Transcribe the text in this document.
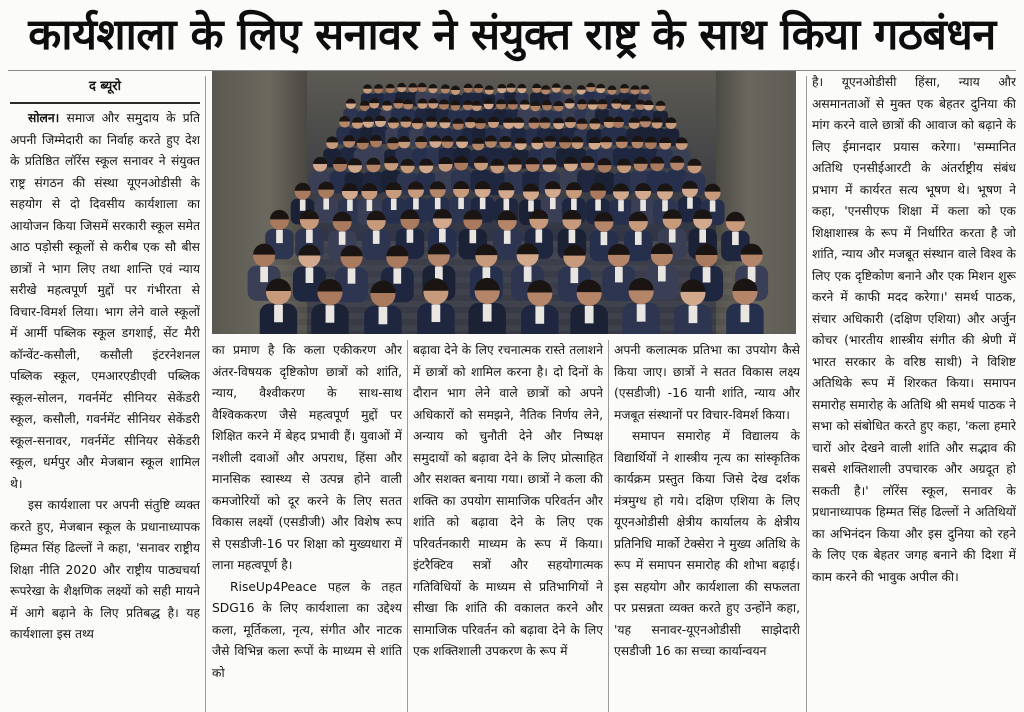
कार्यशाला के लिए सनावर ने संयुक्त राष्ट्र के साथ किया गठबंधन
द ब्यूरो

सोलन। समाज और समुदाय के प्रति अपनी जिम्मेदारी का निर्वाह करते हुए देश के प्रतिष्ठित लॉरेंस स्कूल सनावर ने संयुक्त राष्ट्र संगठन की संस्था यूएनओडीसी के सहयोग से दो दिवसीय कार्यशाला का आयोजन किया जिसमें सरकारी स्कूल समेत आठ पड़ोसी स्कूलों से करीब एक सौ बीस छात्रों ने भाग लिए तथा शान्ति एवं न्याय सरीखे महत्वपूर्ण मुद्दों पर गंभीरता से विचार-विमर्श लिया। भाग लेने वाले स्कूलों में आर्मी पब्लिक स्कूल डगशाई, सेंट मैरी कॉन्वेंट-कसौली, कसौली इंटरनेशनल पब्लिक स्कूल, एमआरएडीएवी पब्लिक स्कूल-सोलन, गवर्नमेंट सीनियर सेकेंडरी स्कूल, कसौली, गवर्नमेंट सीनियर सेकेंडरी स्कूल-सनावर, गवर्नमेंट सीनियर सेकेंडरी स्कूल, धर्मपुर और मेजबान स्कूल शामिल थे।

इस कार्यशाला पर अपनी संतुष्टि व्यक्त करते हुए, मेजबान स्कूल के प्रधानाध्यापक हिम्मत सिंह ढिल्लों ने कहा, 'सनावर राष्ट्रीय शिक्षा नीति 2020 और राष्ट्रीय पाठ्यचर्या रूपरेखा के शैक्षणिक लक्ष्यों को सही मायने में आगे बढ़ाने के लिए प्रतिबद्ध है। यह कार्यशाला इस तथ्य

का प्रमाण है कि कला एकीकरण और अंतर-विषयक दृष्टिकोण छात्रों को शांति, न्याय, वैश्वीकरण के साथ-साथ वैश्विककरण जैसे महत्वपूर्ण मुद्दों पर शिक्षित करने में बेहद प्रभावी हैं। युवाओं में नशीली दवाओं और अपराध, हिंसा और मानसिक स्वास्थ्य से उत्पन्न होने वाली कमजोरियों को दूर करने के लिए सतत विकास लक्ष्यों (एसडीजी) और विशेष रूप से एसडीजी-16 पर शिक्षा को मुख्यधारा में लाना महत्वपूर्ण है।

RiseUp4Peace पहल के तहत SDG16 के लिए कार्यशाला का उद्देश्य कला, मूर्तिकला, नृत्य, संगीत और नाटक जैसे विभिन्न कला रूपों के माध्यम से शांति को

बढ़ावा देने के लिए रचनात्मक रास्ते तलाशने में छात्रों को शामिल करना है। दो दिनों के दौरान भाग लेने वाले छात्रों को अपने अधिकारों को समझने, नैतिक निर्णय लेने, अन्याय को चुनौती देने और निष्पक्ष समुदायों को बढ़ावा देने के लिए प्रोत्साहित और सशक्त बनाया गया। छात्रों ने कला की शक्ति का उपयोग सामाजिक परिवर्तन और शांति को बढ़ावा देने के लिए एक परिवर्तनकारी माध्यम के रूप में किया। इंटरैक्टिव सत्रों और सहयोगात्मक गतिविधियों के माध्यम से प्रतिभागियों ने सीखा कि शांति की वकालत करने और सामाजिक परिवर्तन को बढ़ावा देने के लिए एक शक्तिशाली उपकरण के रूप में

अपनी कलात्मक प्रतिभा का उपयोग कैसे किया जाए। छात्रों ने सतत विकास लक्ष्य (एसडीजी) -16 यानी शांति, न्याय और मजबूत संस्थानों पर विचार-विमर्श किया।

समापन समारोह में विद्यालय के विद्यार्थियों ने शास्त्रीय नृत्य का सांस्कृतिक कार्यक्रम प्रस्तुत किया जिसे देख दर्शक मंत्रमुग्ध हो गये। दक्षिण एशिया के लिए यूएनओडीसी क्षेत्रीय कार्यालय के क्षेत्रीय प्रतिनिधि मार्को टेक्सेरा ने मुख्य अतिथि के रूप में समापन समारोह की शोभा बढ़ाई। इस सहयोग और कार्यशाला की सफलता पर प्रसन्नता व्यक्त करते हुए उन्होंने कहा, 'यह सनावर-यूएनओडीसी साझेदारी एसडीजी 16 का सच्चा कार्यान्वयन

है। यूएनओडीसी हिंसा, न्याय और असमानताओं से मुक्त एक बेहतर दुनिया की मांग करने वाले छात्रों की आवाज को बढ़ाने के लिए ईमानदार प्रयास करेगा। 'सम्मानित अतिथि एनसीईआरटी के अंतर्राष्ट्रीय संबंध प्रभाग में कार्यरत सत्य भूषण थे। भूषण ने कहा, 'एनसीएफ शिक्षा में कला को एक शिक्षाशास्त्र के रूप में निर्धारित करता है जो शांति, न्याय और मजबूत संस्थान वाले विश्व के लिए एक दृष्टिकोण बनाने और एक मिशन शुरू करने में काफी मदद करेगा।' समर्थ पाठक, संचार अधिकारी (दक्षिण एशिया) और अर्जुन कोचर (भारतीय शास्त्रीय संगीत की श्रेणी में भारत सरकार के वरिष्ठ साथी) ने विशिष्ट अतिथिके रूप में शिरकत किया। समापन समारोह समारोह के अतिथि श्री समर्थ पाठक ने सभा को संबोधित करते हुए कहा, 'कला हमारे चारों ओर देखने वाली शांति और सद्भाव की सबसे शक्तिशाली उपचारक और अग्रदूत हो सकती है।' लॉरेंस स्कूल, सनावर के प्रधानाध्यापक हिम्मत सिंह ढिल्लों ने अतिथियों का अभिनंदन किया और इस दुनिया को रहने के लिए एक बेहतर जगह बनाने की दिशा में काम करने की भावुक अपील की।
